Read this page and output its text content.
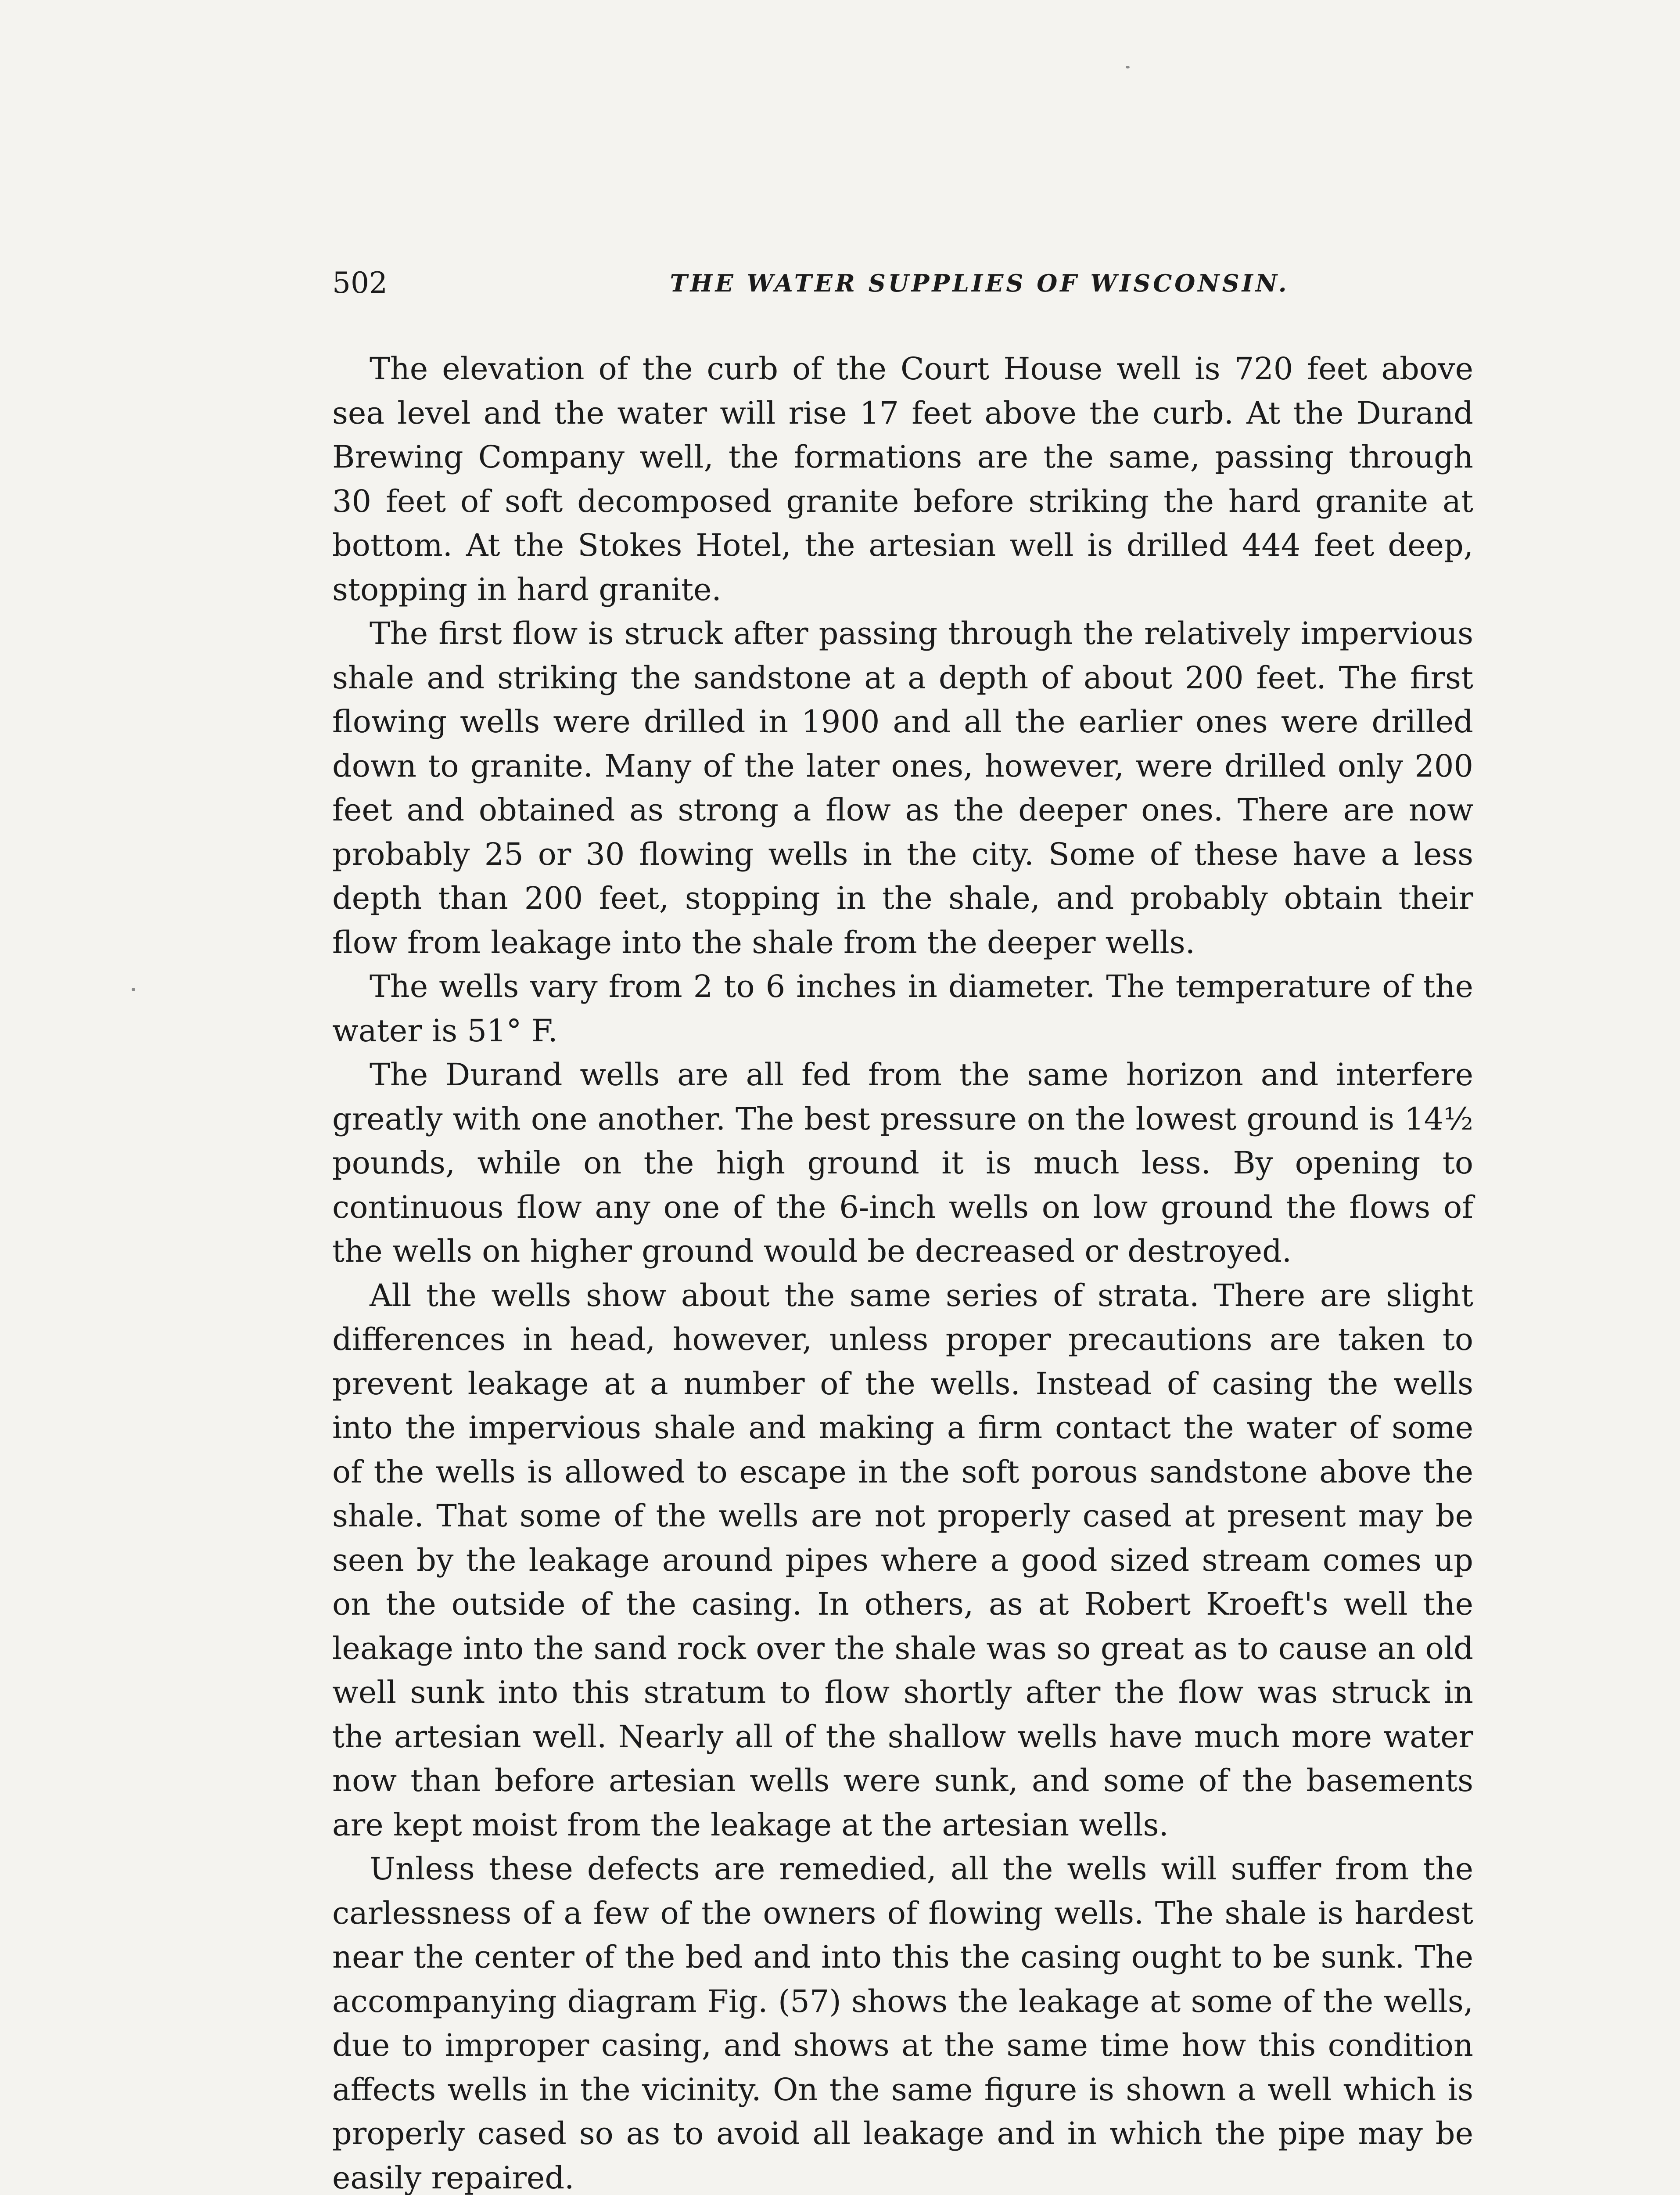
502	THE WATER SUPPLIES OF WISCONSIN.

The elevation of the curb of the Court House well is 720 feet above sea level and the water will rise 17 feet above the curb. At the Durand Brewing Company well, the formations are the same, passing through 30 feet of soft decomposed granite before striking the hard granite at bottom. At the Stokes Hotel, the artesian well is drilled 444 feet deep, stopping in hard granite.

The first flow is struck after passing through the relatively impervious shale and striking the sandstone at a depth of about 200 feet. The first flowing wells were drilled in 1900 and all the earlier ones were drilled down to granite. Many of the later ones, however, were drilled only 200 feet and obtained as strong a flow as the deeper ones. There are now probably 25 or 30 flowing wells in the city. Some of these have a less depth than 200 feet, stopping in the shale, and probably obtain their flow from leakage into the shale from the deeper wells.

The wells vary from 2 to 6 inches in diameter. The temperature of the water is 51° F.

The Durand wells are all fed from the same horizon and interfere greatly with one another. The best pressure on the lowest ground is 14½ pounds, while on the high ground it is much less. By opening to continuous flow any one of the 6-inch wells on low ground the flows of the wells on higher ground would be decreased or destroyed.

All the wells show about the same series of strata. There are slight differences in head, however, unless proper precautions are taken to prevent leakage at a number of the wells. Instead of casing the wells into the impervious shale and making a firm contact the water of some of the wells is allowed to escape in the soft porous sandstone above the shale. That some of the wells are not properly cased at present may be seen by the leakage around pipes where a good sized stream comes up on the outside of the casing. In others, as at Robert Kroeft's well the leakage into the sand rock over the shale was so great as to cause an old well sunk into this stratum to flow shortly after the flow was struck in the artesian well. Nearly all of the shallow wells have much more water now than before artesian wells were sunk, and some of the basements are kept moist from the leakage at the artesian wells.

Unless these defects are remedied, all the wells will suffer from the carlessness of a few of the owners of flowing wells. The shale is hardest near the center of the bed and into this the casing ought to be sunk. The accompanying diagram Fig. (57) shows the leakage at some of the wells, due to improper casing, and shows at the same time how this condition affects wells in the vicinity. On the same figure is shown a well which is properly cased so as to avoid all leakage and in which the pipe may be easily repaired.
